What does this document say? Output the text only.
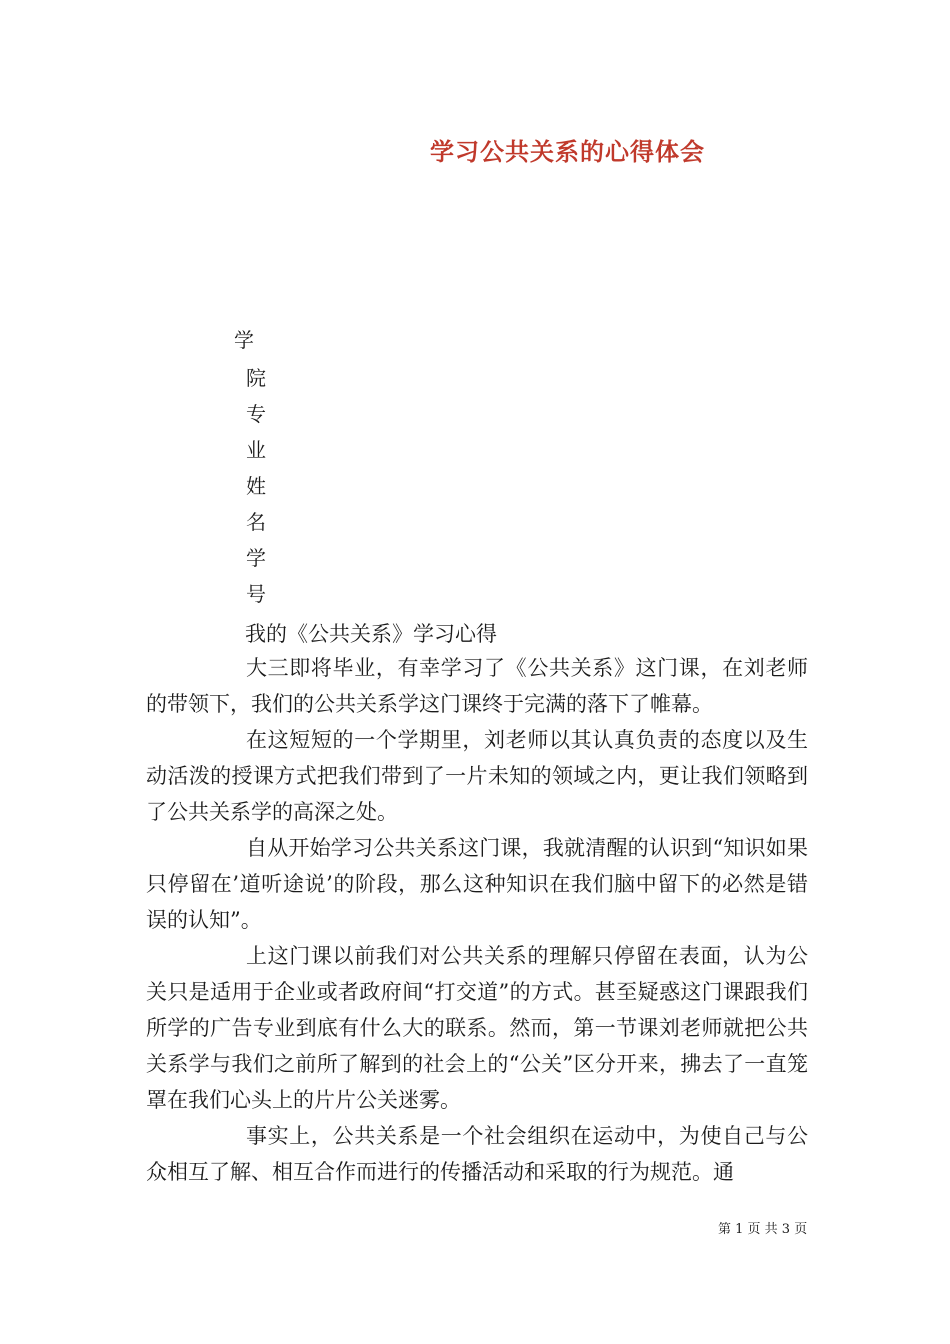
学习公共关系的心得体会
学
院
专
业
姓
名
学
号
我的《公共关系》学习心得

大三即将毕业，有幸学习了《公共关系》这门课，在刘老师的带领下，我们的公共关系学这门课终于完满的落下了帷幕。

在这短短的一个学期里，刘老师以其认真负责的态度以及生动活泼的授课方式把我们带到了一片未知的领域之内，更让我们领略到了公共关系学的高深之处。

自从开始学习公共关系这门课，我就清醒的认识到“知识如果只停留在’道听途说’的阶段，那么这种知识在我们脑中留下的必然是错误的认知”。

上这门课以前我们对公共关系的理解只停留在表面，认为公关只是适用于企业或者政府间“打交道”的方式。甚至疑惑这门课跟我们所学的广告专业到底有什么大的联系。然而，第一节课刘老师就把公共关系学与我们之前所了解到的社会上的“公关”区分开来，拂去了一直笼罩在我们心头上的片片公关迷雾。

事实上，公共关系是一个社会组织在运动中，为使自己与公众相互了解、相互合作而进行的传播活动和采取的行为规范。通

第 1 页 共 3 页
